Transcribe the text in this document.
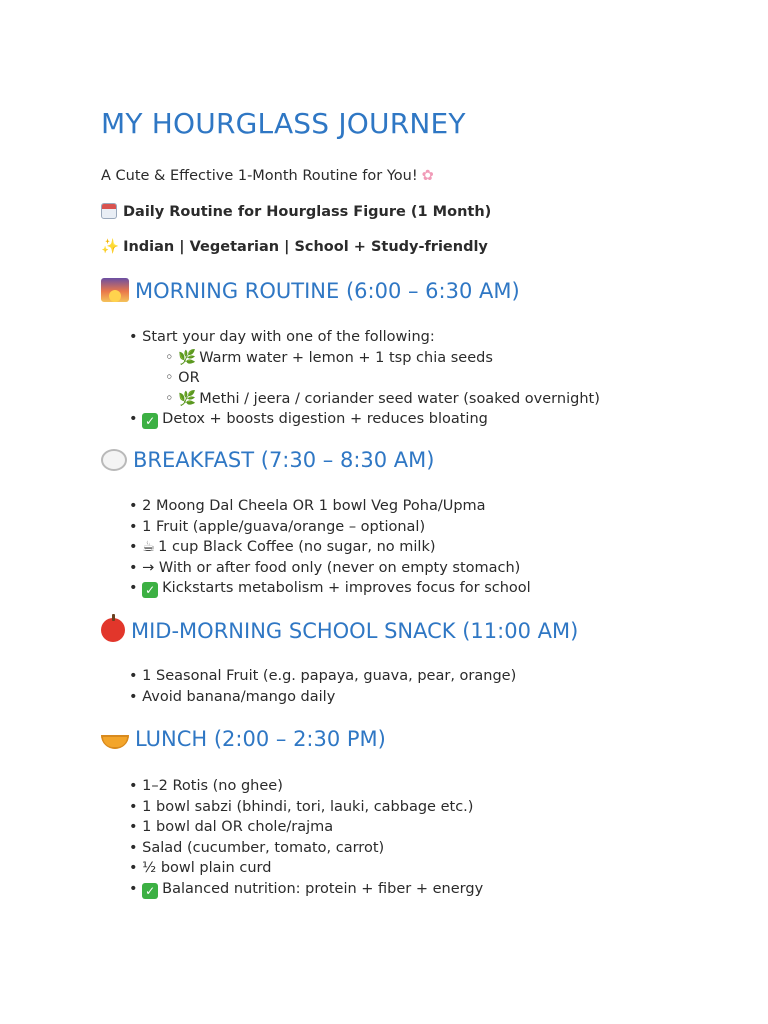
MY HOURGLASS JOURNEY
A Cute & Effective 1-Month Routine for You! ✿
Daily Routine for Hourglass Figure (1 Month)
✨ Indian | Vegetarian | School + Study-friendly
MORNING ROUTINE (6:00 – 6:30 AM)
• Start your day with one of the following:
◦ 🌿 Warm water + lemon + 1 tsp chia seeds
◦ OR
◦ 🌿 Methi / jeera / coriander seed water (soaked overnight)
• ✓ Detox + boosts digestion + reduces bloating
BREAKFAST (7:30 – 8:30 AM)
• 2 Moong Dal Cheela OR 1 bowl Veg Poha/Upma
• 1 Fruit (apple/guava/orange – optional)
• ☕ 1 cup Black Coffee (no sugar, no milk)
• → With or after food only (never on empty stomach)
• ✓ Kickstarts metabolism + improves focus for school
MID-MORNING SCHOOL SNACK (11:00 AM)
• 1 Seasonal Fruit (e.g. papaya, guava, pear, orange)
• Avoid banana/mango daily
LUNCH (2:00 – 2:30 PM)
• 1–2 Rotis (no ghee)
• 1 bowl sabzi (bhindi, tori, lauki, cabbage etc.)
• 1 bowl dal OR chole/rajma
• Salad (cucumber, tomato, carrot)
• ½ bowl plain curd
• ✓ Balanced nutrition: protein + fiber + energy
